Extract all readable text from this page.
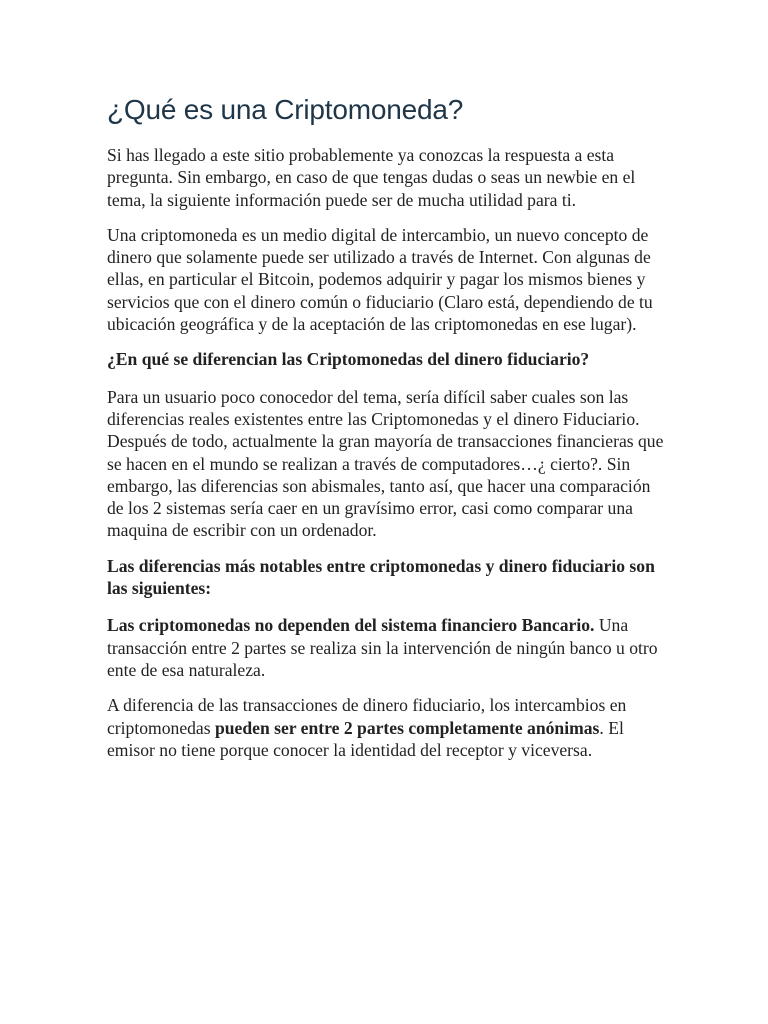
¿Qué es una Criptomoneda?

Si has llegado a este sitio probablemente ya conozcas la respuesta a esta pregunta. Sin embargo, en caso de que tengas dudas o seas un newbie en el tema, la siguiente información puede ser de mucha utilidad para ti.

Una criptomoneda es un medio digital de intercambio, un nuevo concepto de dinero que solamente puede ser utilizado a través de Internet. Con algunas de ellas, en particular el Bitcoin, podemos adquirir y pagar los mismos bienes y servicios que con el dinero común o fiduciario (Claro está, dependiendo de tu ubicación geográfica y de la aceptación de las criptomonedas en ese lugar).

¿En qué se diferencian las Criptomonedas del dinero fiduciario?

Para un usuario poco conocedor del tema, sería difícil saber cuales son las diferencias reales existentes entre las Criptomonedas y el dinero Fiduciario. Después de todo, actualmente la gran mayoría de transacciones financieras que se hacen en el mundo se realizan a través de computadores…¿ cierto?. Sin embargo, las diferencias son abismales, tanto así, que hacer una comparación de los 2 sistemas sería caer en un gravísimo error, casi como comparar una maquina de escribir con un ordenador.

Las diferencias más notables entre criptomonedas y dinero fiduciario son las siguientes:

Las criptomonedas no dependen del sistema financiero Bancario. Una transacción entre 2 partes se realiza sin la intervención de ningún banco u otro ente de esa naturaleza.

A diferencia de las transacciones de dinero fiduciario, los intercambios en criptomonedas pueden ser entre 2 partes completamente anónimas. El emisor no tiene porque conocer la identidad del receptor y viceversa.
